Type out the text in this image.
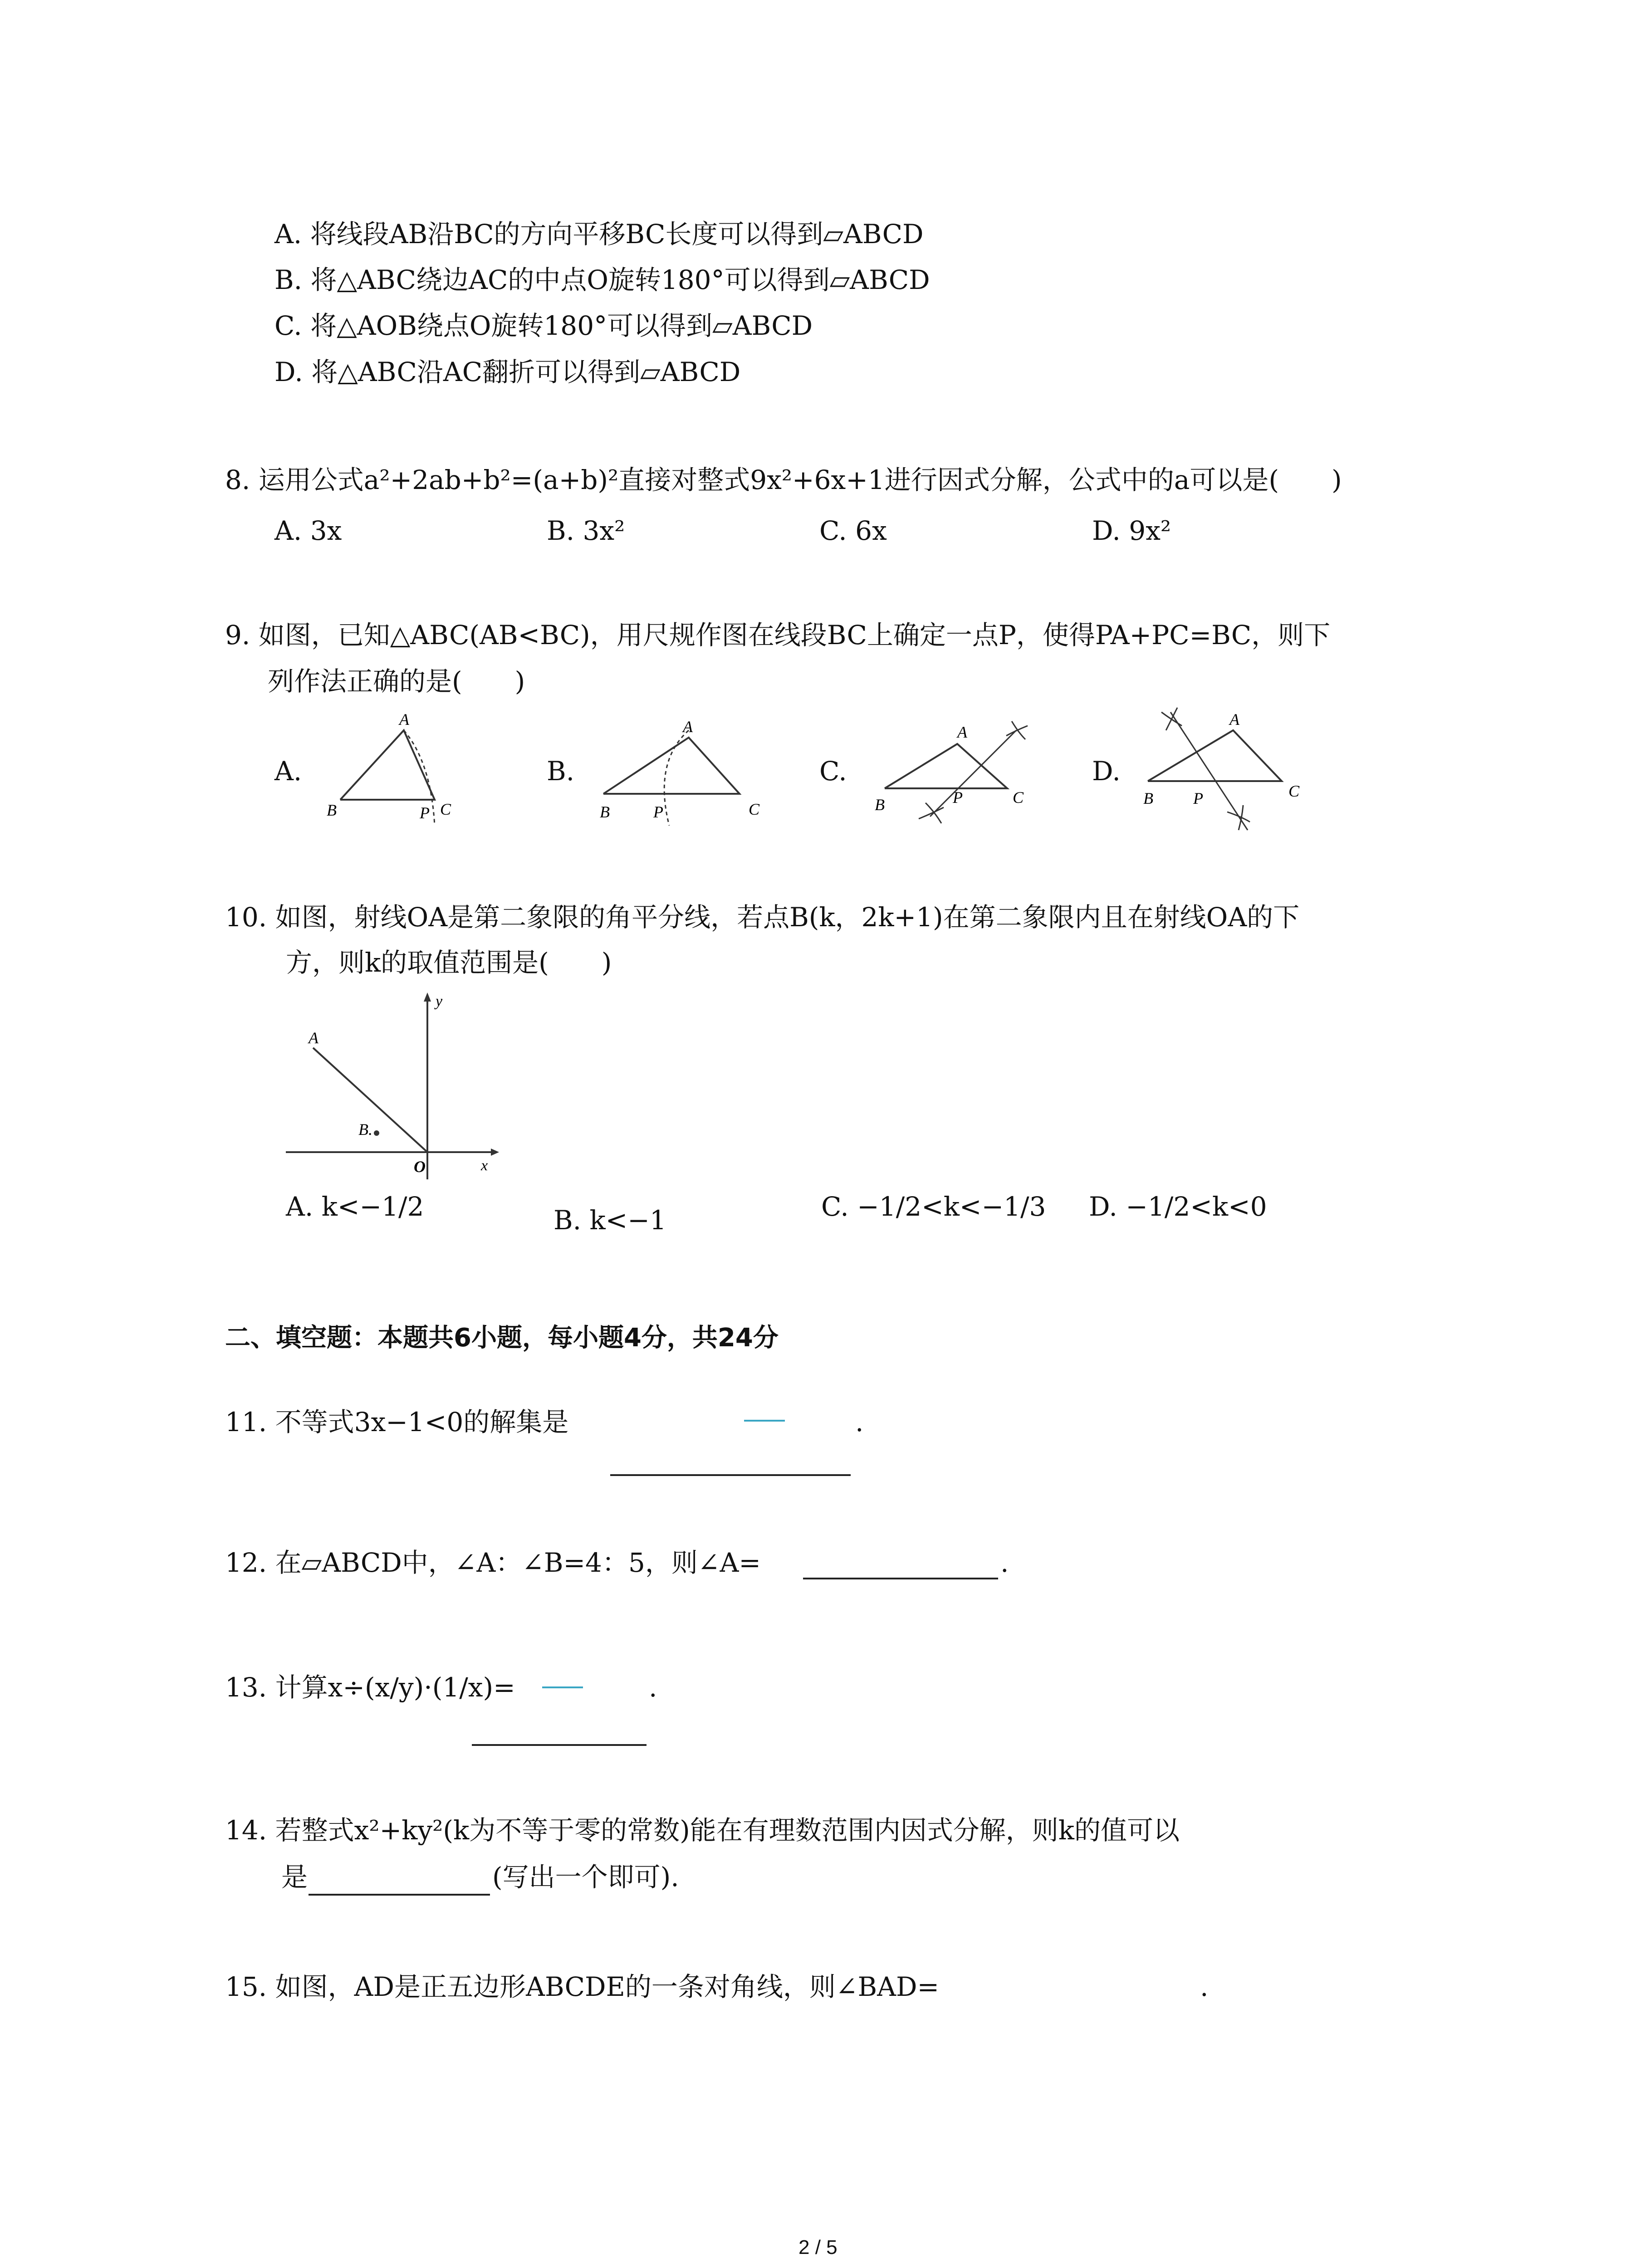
A. 将线段AB沿BC的方向平移BC长度可以得到▱ABCD
B. 将△ABC绕边AC的中点O旋转180°可以得到▱ABCD
C. 将△AOB绕点O旋转180°可以得到▱ABCD
D. 将△ABC沿AC翻折可以得到▱ABCD
8. 运用公式a²+2ab+b²=(a+b)²直接对整式9x²+6x+1进行因式分解，公式中的a可以是(　　)
A. 3x	B. 3x²	C. 6x	D. 9x²
9. 如图，已知△ABC(AB<BC)，用尺规作图在线段BC上确定一点P，使得PA+PC=BC，则下
列作法正确的是(　　)
A.
A
B	P C
B.
A
B	P	C
C.
A
B	P	C
D.
A
B P	C
10. 如图，射线OA是第二象限的角平分线，若点B(k，2k+1)在第二象限内且在射线OA的下
方，则k的取值范围是(　　)
y
x
A
B.
O
A. k<−1/2	B. k<−1	C. −1/2<k<−1/3 D. −1/2<k<0
二、填空题：本题共6小题，每小题4分，共24分
11. 不等式3x−1<0的解集是	.
12. 在▱ABCD中，∠A：∠B=4：5，则∠A=	.
13. 计算x÷(x/y)·(1/x)=	.
14. 若整式x²+ky²(k为不等于零的常数)能在有理数范围内因式分解，则k的值可以
是	(写出一个即可).
15. 如图，AD是正五边形ABCDE的一条对角线，则∠BAD=	.
2 / 5
